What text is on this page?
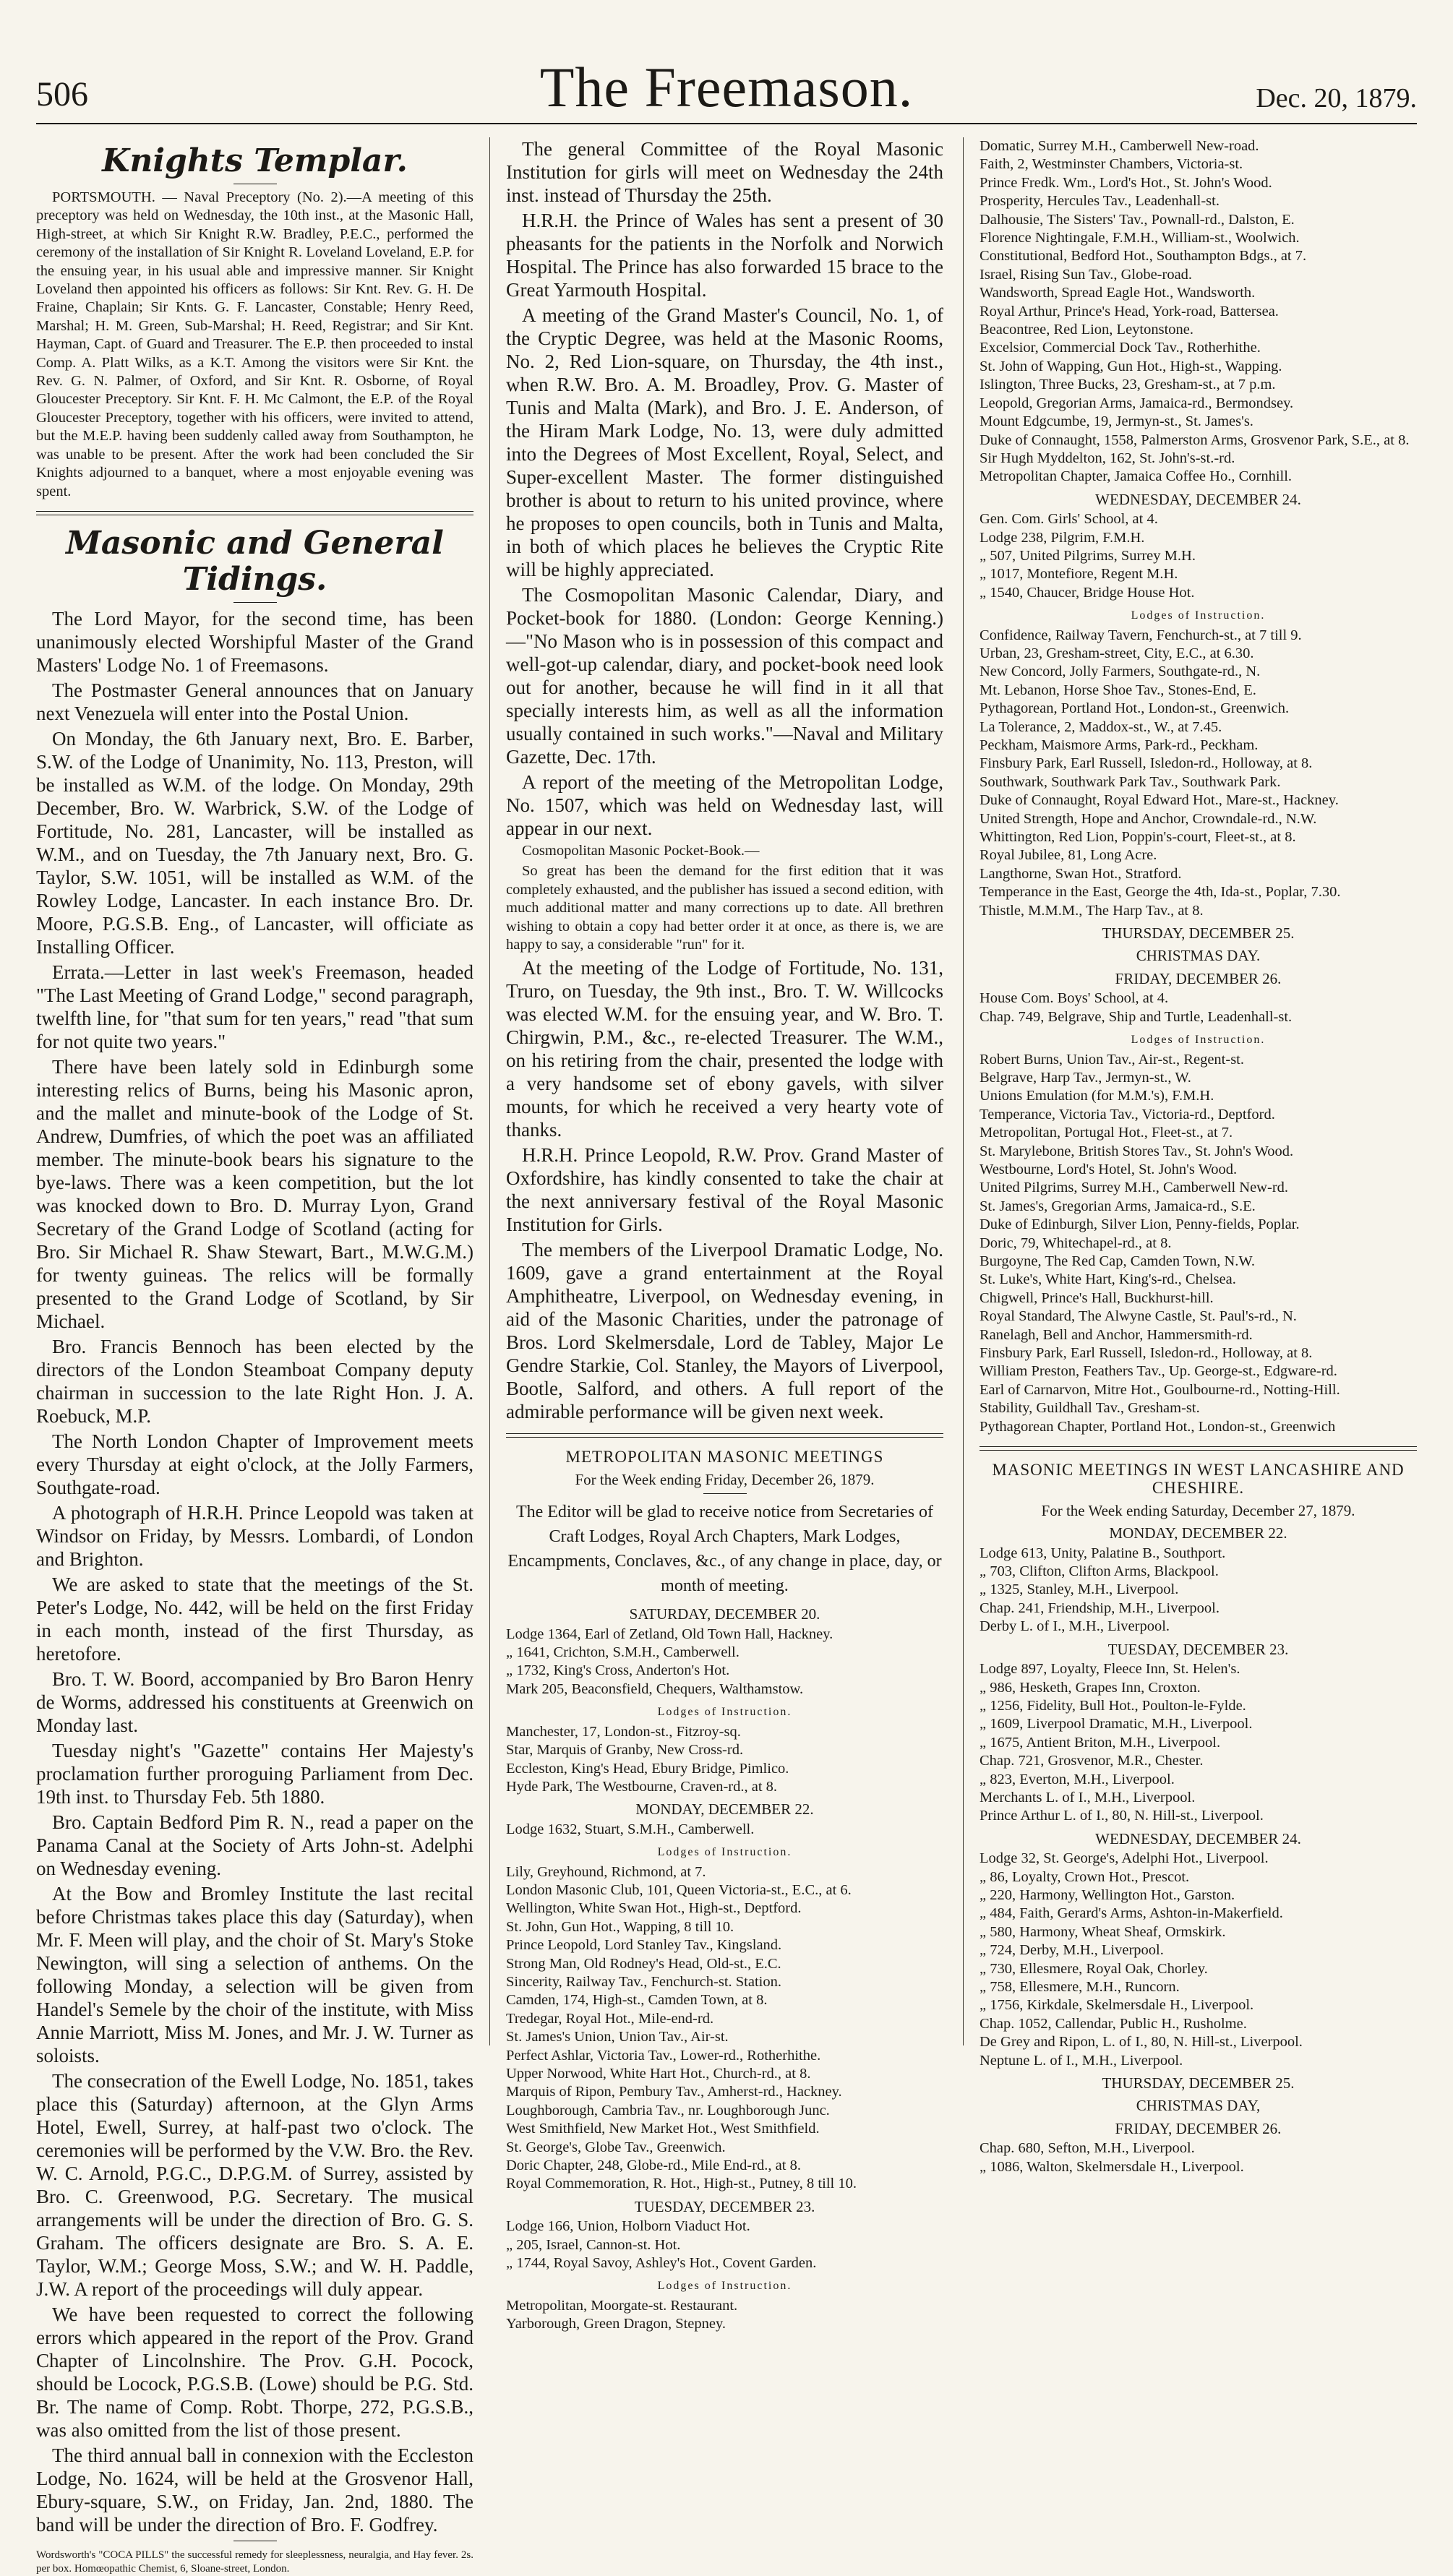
506	The Freemason.	Dec. 20, 1879.
Knights Templar.

PORTSMOUTH. — Naval Preceptory (No. 2).—A meeting of this preceptory was held on Wednesday, the 10th inst., at the Masonic Hall, High-street, at which Sir Knight R.W. Bradley, P.E.C., performed the ceremony of the installation of Sir Knight R. Loveland Loveland, E.P. for the ensuing year, in his usual able and impressive manner. Sir Knight Loveland then appointed his officers as follows: Sir Knt. Rev. G. H. De Fraine, Chaplain; Sir Knts. G. F. Lancaster, Constable; Henry Reed, Marshal; H. M. Green, Sub-Marshal; H. Reed, Registrar; and Sir Knt. Hayman, Capt. of Guard and Treasurer. The E.P. then proceeded to instal Comp. A. Platt Wilks, as a K.T. Among the visitors were Sir Knt. the Rev. G. N. Palmer, of Oxford, and Sir Knt. R. Osborne, of Royal Gloucester Preceptory. Sir Knt. F. H. Mc Calmont, the E.P. of the Royal Gloucester Preceptory, together with his officers, were invited to attend, but the M.E.P. having been suddenly called away from Southampton, he was unable to be present. After the work had been concluded the Sir Knights adjourned to a banquet, where a most enjoyable evening was spent.

Masonic and General Tidings.

The Lord Mayor, for the second time, has been unanimously elected Worshipful Master of the Grand Masters' Lodge No. 1 of Freemasons.

The Postmaster General announces that on January next Venezuela will enter into the Postal Union.

On Monday, the 6th January next, Bro. E. Barber, S.W. of the Lodge of Unanimity, No. 113, Preston, will be installed as W.M. of the lodge. On Monday, 29th December, Bro. W. Warbrick, S.W. of the Lodge of Fortitude, No. 281, Lancaster, will be installed as W.M., and on Tuesday, the 7th January next, Bro. G. Taylor, S.W. 1051, will be installed as W.M. of the Rowley Lodge, Lancaster. In each instance Bro. Dr. Moore, P.G.S.B. Eng., of Lancaster, will officiate as Installing Officer.

Errata.—Letter in last week's Freemason, headed "The Last Meeting of Grand Lodge," second paragraph, twelfth line, for "that sum for ten years," read "that sum for not quite two years."

There have been lately sold in Edinburgh some interesting relics of Burns, being his Masonic apron, and the mallet and minute-book of the Lodge of St. Andrew, Dumfries, of which the poet was an affiliated member. The minute-book bears his signature to the bye-laws. There was a keen competition, but the lot was knocked down to Bro. D. Murray Lyon, Grand Secretary of the Grand Lodge of Scotland (acting for Bro. Sir Michael R. Shaw Stewart, Bart., M.W.G.M.) for twenty guineas. The relics will be formally presented to the Grand Lodge of Scotland, by Sir Michael.

Bro. Francis Bennoch has been elected by the directors of the London Steamboat Company deputy chairman in succession to the late Right Hon. J. A. Roebuck, M.P.

The North London Chapter of Improvement meets every Thursday at eight o'clock, at the Jolly Farmers, Southgate-road.

A photograph of H.R.H. Prince Leopold was taken at Windsor on Friday, by Messrs. Lombardi, of London and Brighton.

We are asked to state that the meetings of the St. Peter's Lodge, No. 442, will be held on the first Friday in each month, instead of the first Thursday, as heretofore.

Bro. T. W. Boord, accompanied by Bro Baron Henry de Worms, addressed his constituents at Greenwich on Monday last.

Tuesday night's "Gazette" contains Her Majesty's proclamation further proroguing Parliament from Dec. 19th inst. to Thursday Feb. 5th 1880.

Bro. Captain Bedford Pim R. N., read a paper on the Panama Canal at the Society of Arts John-st. Adelphi on Wednesday evening.

At the Bow and Bromley Institute the last recital before Christmas takes place this day (Saturday), when Mr. F. Meen will play, and the choir of St. Mary's Stoke Newington, will sing a selection of anthems. On the following Monday, a selection will be given from Handel's Semele by the choir of the institute, with Miss Annie Marriott, Miss M. Jones, and Mr. J. W. Turner as soloists.

The consecration of the Ewell Lodge, No. 1851, takes place this (Saturday) afternoon, at the Glyn Arms Hotel, Ewell, Surrey, at half-past two o'clock. The ceremonies will be performed by the V.W. Bro. the Rev. W. C. Arnold, P.G.C., D.P.G.M. of Surrey, assisted by Bro. C. Greenwood, P.G. Secretary. The musical arrangements will be under the direction of Bro. G. S. Graham. The officers designate are Bro. S. A. E. Taylor, W.M.; George Moss, S.W.; and W. H. Paddle, J.W. A report of the proceedings will duly appear.

We have been requested to correct the following errors which appeared in the report of the Prov. Grand Chapter of Lincolnshire. The Prov. G.H. Pocock, should be Locock, P.G.S.B. (Lowe) should be P.G. Std. Br. The name of Comp. Robt. Thorpe, 272, P.G.S.B., was also omitted from the list of those present.

The third annual ball in connexion with the Eccleston Lodge, No. 1624, will be held at the Grosvenor Hall, Ebury-square, S.W., on Friday, Jan. 2nd, 1880. The band will be under the direction of Bro. F. Godfrey.

Wordsworth's "COCA PILLS" the successful remedy for sleeplessness, neuralgia, and Hay fever. 2s. per box. Homœopathic Chemist, 6, Sloane-street, London.

The general Committee of the Royal Masonic Institution for girls will meet on Wednesday the 24th inst. instead of Thursday the 25th.

H.R.H. the Prince of Wales has sent a present of 30 pheasants for the patients in the Norfolk and Norwich Hospital. The Prince has also forwarded 15 brace to the Great Yarmouth Hospital.

A meeting of the Grand Master's Council, No. 1, of the Cryptic Degree, was held at the Masonic Rooms, No. 2, Red Lion-square, on Thursday, the 4th inst., when R.W. Bro. A. M. Broadley, Prov. G. Master of Tunis and Malta (Mark), and Bro. J. E. Anderson, of the Hiram Mark Lodge, No. 13, were duly admitted into the Degrees of Most Excellent, Royal, Select, and Super-excellent Master. The former distinguished brother is about to return to his united province, where he proposes to open councils, both in Tunis and Malta, in both of which places he believes the Cryptic Rite will be highly appreciated.

The Cosmopolitan Masonic Calendar, Diary, and Pocket-book for 1880. (London: George Kenning.) —"No Mason who is in possession of this compact and well-got-up calendar, diary, and pocket-book need look out for another, because he will find in it all that specially interests him, as well as all the information usually contained in such works."—Naval and Military Gazette, Dec. 17th.

A report of the meeting of the Metropolitan Lodge, No. 1507, which was held on Wednesday last, will appear in our next.

Cosmopolitan Masonic Pocket-Book.—

So great has been the demand for the first edition that it was completely exhausted, and the publisher has issued a second edition, with much additional matter and many corrections up to date. All brethren wishing to obtain a copy had better order it at once, as there is, we are happy to say, a considerable "run" for it.

At the meeting of the Lodge of Fortitude, No. 131, Truro, on Tuesday, the 9th inst., Bro. T. W. Willcocks was elected W.M. for the ensuing year, and W. Bro. T. Chirgwin, P.M., &c., re-elected Treasurer. The W.M., on his retiring from the chair, presented the lodge with a very handsome set of ebony gavels, with silver mounts, for which he received a very hearty vote of thanks.

H.R.H. Prince Leopold, R.W. Prov. Grand Master of Oxfordshire, has kindly consented to take the chair at the next anniversary festival of the Royal Masonic Institution for Girls.

The members of the Liverpool Dramatic Lodge, No. 1609, gave a grand entertainment at the Royal Amphitheatre, Liverpool, on Wednesday evening, in aid of the Masonic Charities, under the patronage of Bros. Lord Skelmersdale, Lord de Tabley, Major Le Gendre Starkie, Col. Stanley, the Mayors of Liverpool, Bootle, Salford, and others. A full report of the admirable performance will be given next week.

METROPOLITAN MASONIC MEETINGS
For the Week ending Friday, December 26, 1879.
The Editor will be glad to receive notice from Secretaries of Craft Lodges, Royal Arch Chapters, Mark Lodges, Encampments, Conclaves, &c., of any change in place, day, or month of meeting.
SATURDAY, DECEMBER 20.
Lodge 1364, Earl of Zetland, Old Town Hall, Hackney.
„ 1641, Crichton, S.M.H., Camberwell.
„ 1732, King's Cross, Anderton's Hot.
Mark 205, Beaconsfield, Chequers, Walthamstow.
Lodges of Instruction.
Manchester, 17, London-st., Fitzroy-sq.
Star, Marquis of Granby, New Cross-rd.
Eccleston, King's Head, Ebury Bridge, Pimlico.
Hyde Park, The Westbourne, Craven-rd., at 8.
MONDAY, DECEMBER 22.
Lodge 1632, Stuart, S.M.H., Camberwell.
Lodges of Instruction.
Lily, Greyhound, Richmond, at 7.
London Masonic Club, 101, Queen Victoria-st., E.C., at 6.
Wellington, White Swan Hot., High-st., Deptford.
St. John, Gun Hot., Wapping, 8 till 10.
Prince Leopold, Lord Stanley Tav., Kingsland.
Strong Man, Old Rodney's Head, Old-st., E.C.
Sincerity, Railway Tav., Fenchurch-st. Station.
Camden, 174, High-st., Camden Town, at 8.
Tredegar, Royal Hot., Mile-end-rd.
St. James's Union, Union Tav., Air-st.
Perfect Ashlar, Victoria Tav., Lower-rd., Rotherhithe.
Upper Norwood, White Hart Hot., Church-rd., at 8.
Marquis of Ripon, Pembury Tav., Amherst-rd., Hackney.
Loughborough, Cambria Tav., nr. Loughborough Junc.
West Smithfield, New Market Hot., West Smithfield.
St. George's, Globe Tav., Greenwich.
Doric Chapter, 248, Globe-rd., Mile End-rd., at 8.
Royal Commemoration, R. Hot., High-st., Putney, 8 till 10.
TUESDAY, DECEMBER 23.
Lodge 166, Union, Holborn Viaduct Hot.
„ 205, Israel, Cannon-st. Hot.
„ 1744, Royal Savoy, Ashley's Hot., Covent Garden.
Lodges of Instruction.
Metropolitan, Moorgate-st. Restaurant.
Yarborough, Green Dragon, Stepney.
Domatic, Surrey M.H., Camberwell New-road.
Faith, 2, Westminster Chambers, Victoria-st.
Prince Fredk. Wm., Lord's Hot., St. John's Wood.
Prosperity, Hercules Tav., Leadenhall-st.
Dalhousie, The Sisters' Tav., Pownall-rd., Dalston, E.
Florence Nightingale, F.M.H., William-st., Woolwich.
Constitutional, Bedford Hot., Southampton Bdgs., at 7.
Israel, Rising Sun Tav., Globe-road.
Wandsworth, Spread Eagle Hot., Wandsworth.
Royal Arthur, Prince's Head, York-road, Battersea.
Beacontree, Red Lion, Leytonstone.
Excelsior, Commercial Dock Tav., Rotherhithe.
St. John of Wapping, Gun Hot., High-st., Wapping.
Islington, Three Bucks, 23, Gresham-st., at 7 p.m.
Leopold, Gregorian Arms, Jamaica-rd., Bermondsey.
Mount Edgcumbe, 19, Jermyn-st., St. James's.
Duke of Connaught, 1558, Palmerston Arms, Grosvenor Park, S.E., at 8.
Sir Hugh Myddelton, 162, St. John's-st.-rd.
Metropolitan Chapter, Jamaica Coffee Ho., Cornhill.
WEDNESDAY, DECEMBER 24.
Gen. Com. Girls' School, at 4.
Lodge 238, Pilgrim, F.M.H.
„ 507, United Pilgrims, Surrey M.H.
„ 1017, Montefiore, Regent M.H.
„ 1540, Chaucer, Bridge House Hot.
Lodges of Instruction.
Confidence, Railway Tavern, Fenchurch-st., at 7 till 9.
Urban, 23, Gresham-street, City, E.C., at 6.30.
New Concord, Jolly Farmers, Southgate-rd., N.
Mt. Lebanon, Horse Shoe Tav., Stones-End, E.
Pythagorean, Portland Hot., London-st., Greenwich.
La Tolerance, 2, Maddox-st., W., at 7.45.
Peckham, Maismore Arms, Park-rd., Peckham.
Finsbury Park, Earl Russell, Isledon-rd., Holloway, at 8.
Southwark, Southwark Park Tav., Southwark Park.
Duke of Connaught, Royal Edward Hot., Mare-st., Hackney.
United Strength, Hope and Anchor, Crowndale-rd., N.W.
Whittington, Red Lion, Poppin's-court, Fleet-st., at 8.
Royal Jubilee, 81, Long Acre.
Langthorne, Swan Hot., Stratford.
Temperance in the East, George the 4th, Ida-st., Poplar, 7.30.
Thistle, M.M.M., The Harp Tav., at 8.
THURSDAY, DECEMBER 25.
CHRISTMAS DAY.
FRIDAY, DECEMBER 26.
House Com. Boys' School, at 4.
Chap. 749, Belgrave, Ship and Turtle, Leadenhall-st.
Lodges of Instruction.
Robert Burns, Union Tav., Air-st., Regent-st.
Belgrave, Harp Tav., Jermyn-st., W.
Unions Emulation (for M.M.'s), F.M.H.
Temperance, Victoria Tav., Victoria-rd., Deptford.
Metropolitan, Portugal Hot., Fleet-st., at 7.
St. Marylebone, British Stores Tav., St. John's Wood.
Westbourne, Lord's Hotel, St. John's Wood.
United Pilgrims, Surrey M.H., Camberwell New-rd.
St. James's, Gregorian Arms, Jamaica-rd., S.E.
Duke of Edinburgh, Silver Lion, Penny-fields, Poplar.
Doric, 79, Whitechapel-rd., at 8.
Burgoyne, The Red Cap, Camden Town, N.W.
St. Luke's, White Hart, King's-rd., Chelsea.
Chigwell, Prince's Hall, Buckhurst-hill.
Royal Standard, The Alwyne Castle, St. Paul's-rd., N.
Ranelagh, Bell and Anchor, Hammersmith-rd.
Finsbury Park, Earl Russell, Isledon-rd., Holloway, at 8.
William Preston, Feathers Tav., Up. George-st., Edgware-rd.
Earl of Carnarvon, Mitre Hot., Goulbourne-rd., Notting-Hill.
Stability, Guildhall Tav., Gresham-st.
Pythagorean Chapter, Portland Hot., London-st., Greenwich
MASONIC MEETINGS IN WEST LANCASHIRE AND CHESHIRE.
For the Week ending Saturday, December 27, 1879.
MONDAY, DECEMBER 22.
Lodge 613, Unity, Palatine B., Southport.
„ 703, Clifton, Clifton Arms, Blackpool.
„ 1325, Stanley, M.H., Liverpool.
Chap. 241, Friendship, M.H., Liverpool.
Derby L. of I., M.H., Liverpool.
TUESDAY, DECEMBER 23.
Lodge 897, Loyalty, Fleece Inn, St. Helen's.
„ 986, Hesketh, Grapes Inn, Croxton.
„ 1256, Fidelity, Bull Hot., Poulton-le-Fylde.
„ 1609, Liverpool Dramatic, M.H., Liverpool.
„ 1675, Antient Briton, M.H., Liverpool.
Chap. 721, Grosvenor, M.R., Chester.
„ 823, Everton, M.H., Liverpool.
Merchants L. of I., M.H., Liverpool.
Prince Arthur L. of I., 80, N. Hill-st., Liverpool.
WEDNESDAY, DECEMBER 24.
Lodge 32, St. George's, Adelphi Hot., Liverpool.
„ 86, Loyalty, Crown Hot., Prescot.
„ 220, Harmony, Wellington Hot., Garston.
„ 484, Faith, Gerard's Arms, Ashton-in-Makerfield.
„ 580, Harmony, Wheat Sheaf, Ormskirk.
„ 724, Derby, M.H., Liverpool.
„ 730, Ellesmere, Royal Oak, Chorley.
„ 758, Ellesmere, M.H., Runcorn.
„ 1756, Kirkdale, Skelmersdale H., Liverpool.
Chap. 1052, Callendar, Public H., Rusholme.
De Grey and Ripon, L. of I., 80, N. Hill-st., Liverpool.
Neptune L. of I., M.H., Liverpool.
THURSDAY, DECEMBER 25.
CHRISTMAS DAY,
FRIDAY, DECEMBER 26.
Chap. 680, Sefton, M.H., Liverpool.
„ 1086, Walton, Skelmersdale H., Liverpool.
